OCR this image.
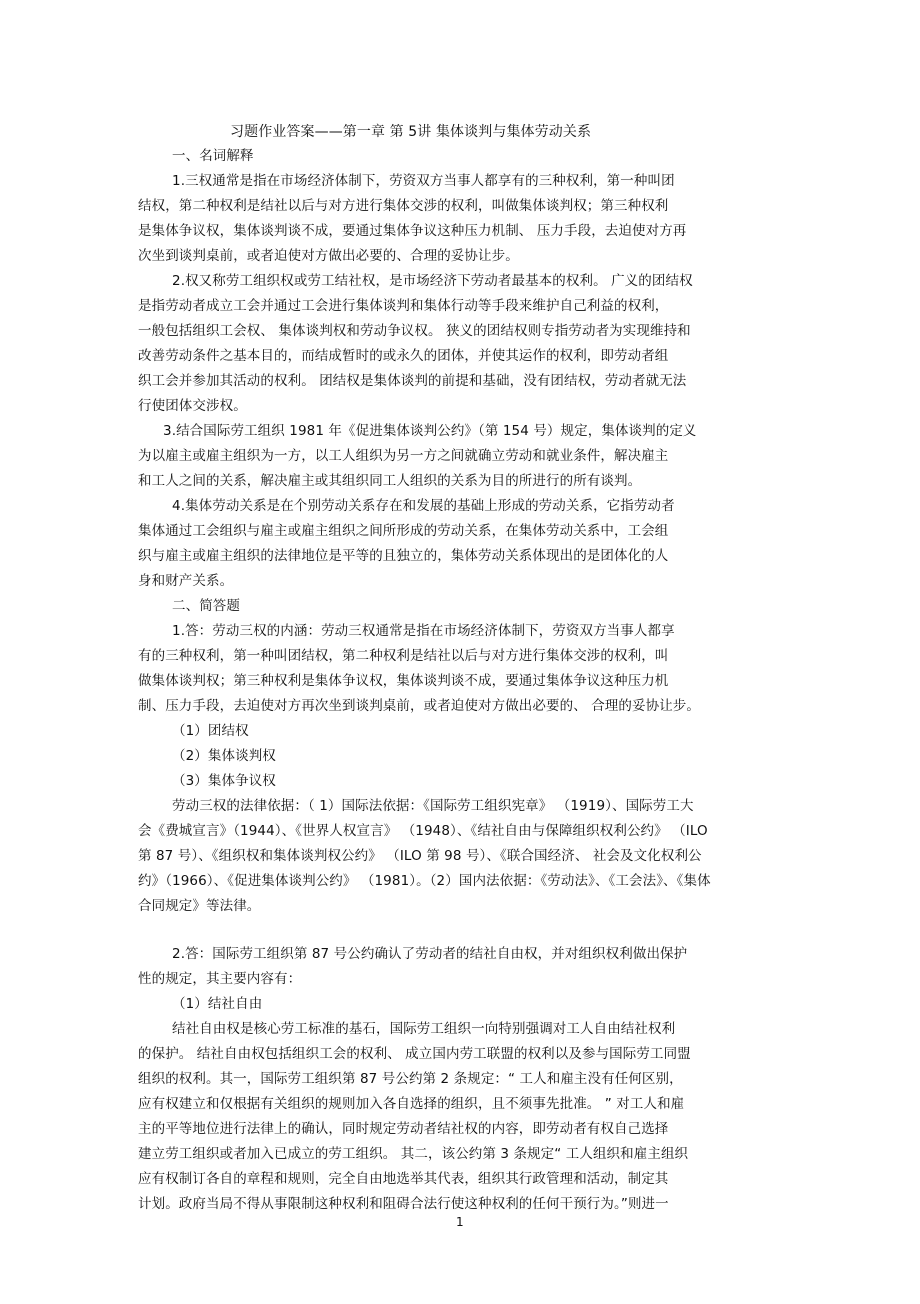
习题作业答案——第一章 第 5讲 集体谈判与集体劳动关系
一、名词解释
1.三权通常是指在市场经济体制下，劳资双方当事人都享有的三种权利，第一种叫团
结权，第二种权利是结社以后与对方进行集体交涉的权利，叫做集体谈判权；第三种权利
是集体争议权，集体谈判谈不成，要通过集体争议这种压力机制、 压力手段，去迫使对方再
次坐到谈判桌前，或者迫使对方做出必要的、合理的妥协让步。
2.权又称劳工组织权或劳工结社权，是市场经济下劳动者最基本的权利。 广义的团结权
是指劳动者成立工会并通过工会进行集体谈判和集体行动等手段来维护自己利益的权利，
一般包括组织工会权、 集体谈判权和劳动争议权。 狭义的团结权则专指劳动者为实现维持和
改善劳动条件之基本目的，而结成暂时的或永久的团体，并使其运作的权利，即劳动者组
织工会并参加其活动的权利。 团结权是集体谈判的前提和基础，没有团结权，劳动者就无法
行使团体交涉权。
3.结合国际劳工组织 1981 年《促进集体谈判公约》（第 154 号）规定，集体谈判的定义
为以雇主或雇主组织为一方，以工人组织为另一方之间就确立劳动和就业条件，解决雇主
和工人之间的关系，解决雇主或其组织同工人组织的关系为目的所进行的所有谈判。
4.集体劳动关系是在个别劳动关系存在和发展的基础上形成的劳动关系，它指劳动者
集体通过工会组织与雇主或雇主组织之间所形成的劳动关系，在集体劳动关系中，工会组
织与雇主或雇主组织的法律地位是平等的且独立的，集体劳动关系体现出的是团体化的人
身和财产关系。
二、简答题
1.答：劳动三权的内涵：劳动三权通常是指在市场经济体制下，劳资双方当事人都享
有的三种权利，第一种叫团结权，第二种权利是结社以后与对方进行集体交涉的权利，叫
做集体谈判权；第三种权利是集体争议权，集体谈判谈不成，要通过集体争议这种压力机
制、压力手段，去迫使对方再次坐到谈判桌前，或者迫使对方做出必要的、 合理的妥协让步。
（1）团结权
（2）集体谈判权
（3）集体争议权
劳动三权的法律依据：（ 1）国际法依据：《国际劳工组织宪章》 （1919）、国际劳工大
会《费城宣言》（1944）、《世界人权宣言》 （1948）、《结社自由与保障组织权利公约》 （ILO
第 87 号）、《组织权和集体谈判权公约》 （ILO 第 98 号）、《联合国经济、 社会及文化权利公
约》（1966）、《促进集体谈判公约》 （1981）。（2）国内法依据：《劳动法》、《工会法》、《集体
合同规定》等法律。
2.答：国际劳工组织第 87 号公约确认了劳动者的结社自由权，并对组织权利做出保护
性的规定，其主要内容有：
（1）结社自由
结社自由权是核心劳工标准的基石，国际劳工组织一向特别强调对工人自由结社权利
的保护。 结社自由权包括组织工会的权利、 成立国内劳工联盟的权利以及参与国际劳工同盟
组织的权利。其一，国际劳工组织第 87 号公约第 2 条规定：“ 工人和雇主没有任何区别，
应有权建立和仅根据有关组织的规则加入各自选择的组织，且不须事先批准。 ” 对工人和雇
主的平等地位进行法律上的确认，同时规定劳动者结社权的内容，即劳动者有权自己选择
建立劳工组织或者加入已成立的劳工组织。 其二，该公约第 3 条规定“ 工人组织和雇主组织
应有权制订各自的章程和规则，完全自由地选举其代表，组织其行政管理和活动，制定其
计划。政府当局不得从事限制这种权利和阻碍合法行使这种权利的任何干预行为。”则进一
1
